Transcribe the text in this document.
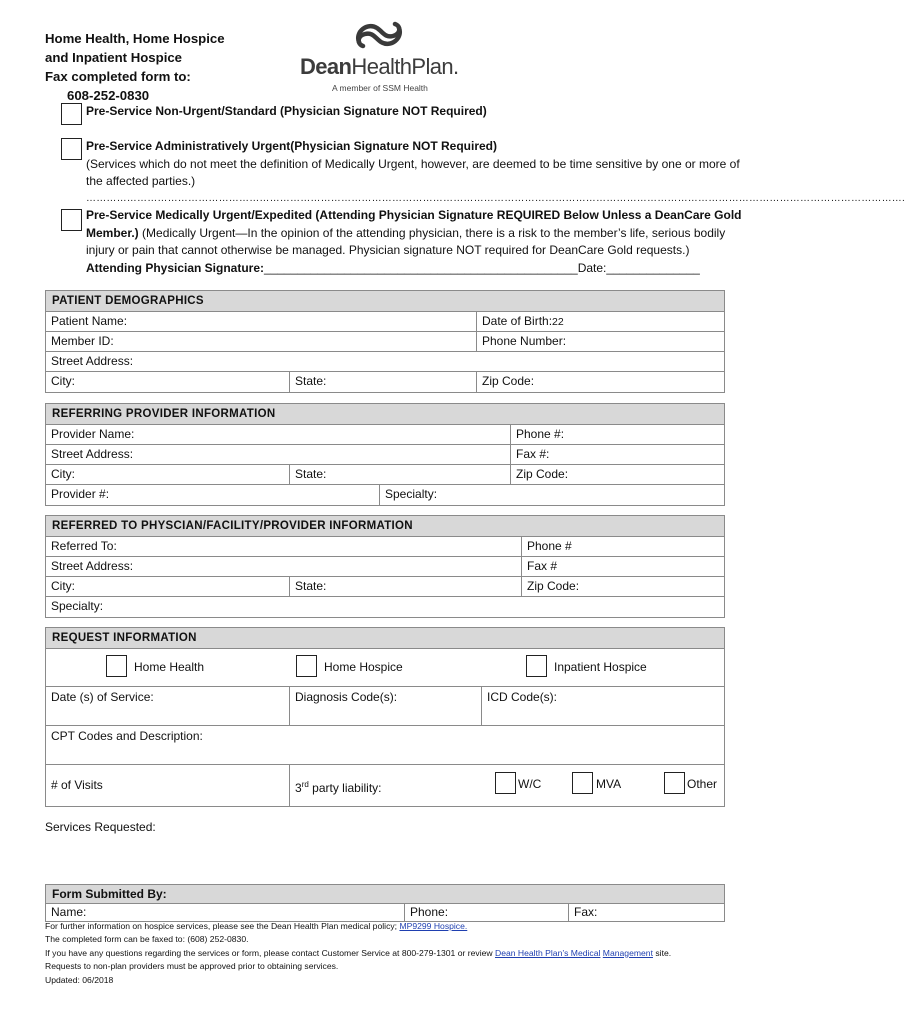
Home Health, Home Hospice
and Inpatient Hospice
Fax completed form to:
608-252-0830
DeanHealthPlan.
A member of SSM Health
Pre-Service Non-Urgent/Standard (Physician Signature NOT Required)
Pre-Service Administratively Urgent(Physician Signature NOT Required)
(Services which do not meet the definition of Medically Urgent, however, are deemed to be time sensitive by one or more of the affected parties.)
…………………………………………………………………………………………………………………………………………………………………………………………………………………….
Pre-Service Medically Urgent/Expedited (Attending Physician Signature REQUIRED Below Unless a DeanCare Gold Member.) (Medically Urgent—In the opinion of the attending physician, there is a risk to the member’s life, serious bodily injury or pain that cannot otherwise be managed. Physician signature NOT required for DeanCare Gold requests.)
Attending Physician Signature:_______________________________________________Date:______________
PATIENT DEMOGRAPHICS
Patient Name:	Date of Birth:22
Member ID:	Phone Number:
Street Address:
City:	State:	Zip Code:
REFERRING PROVIDER INFORMATION
Provider Name:	Phone #:
Street Address:	Fax #:
City:	State:	Zip Code:
Provider #:	Specialty:
REFERRED TO PHYSCIAN/FACILITY/PROVIDER INFORMATION
Referred To:	Phone #
Street Address:	Fax #
City:	State:	Zip Code:
Specialty:
REQUEST INFORMATION
Home Health	Home Hospice	Inpatient Hospice
Date (s) of Service:	Diagnosis Code(s):	ICD Code(s):
CPT Codes and Description:
# of Visits	3rd party liability:	W/C	MVA	Other
Services Requested:
Form Submitted By:
Name:	Phone:	Fax:
For further information on hospice services, please see the Dean Health Plan medical policy; MP9299 Hospice.
The completed form can be faxed to: (608) 252-0830.
If you have any questions regarding the services or form, please contact Customer Service at 800-279-1301 or review Dean Health Plan’s Medical Management site.
Requests to non-plan providers must be approved prior to obtaining services.
Updated: 06/2018
